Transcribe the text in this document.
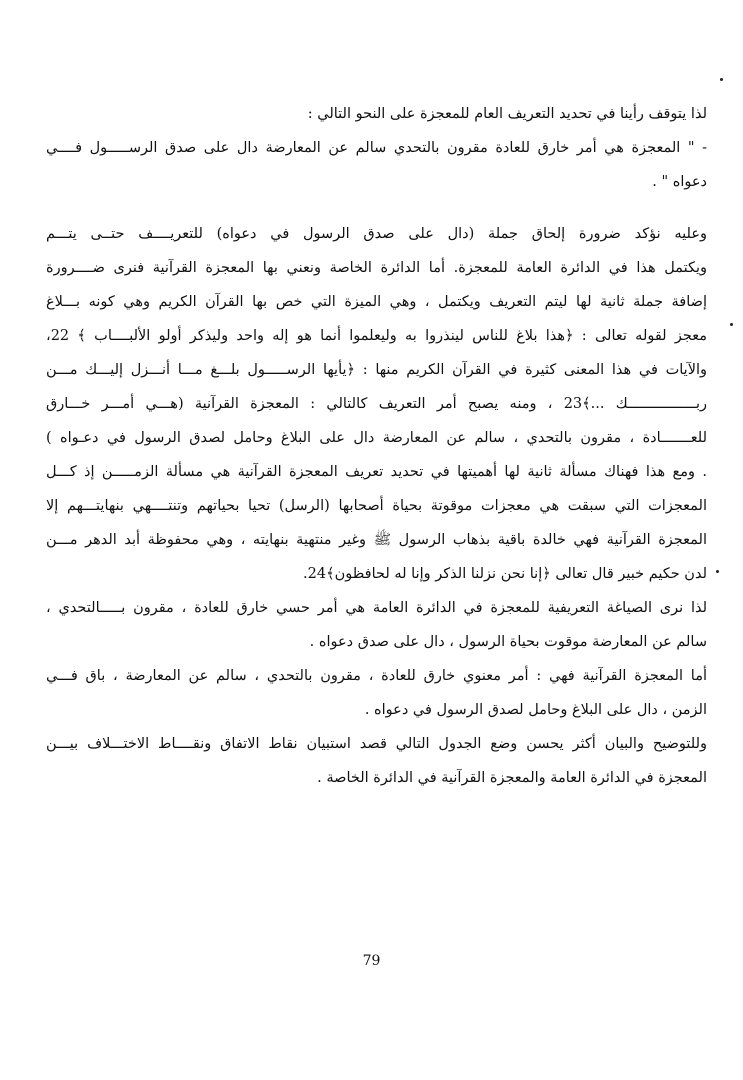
لذا يتوقف رأينا في تحديد التعريف العام للمعجزة على النحو التالي :
- " المعجزة هي أمر خارق للعادة مقرون بالتحدي سالم عن المعارضة دال على صدق الرســـــول فــــي
دعواه " .
وعليه نؤكد ضرورة إلحاق جملة (دال على صدق الرسول في دعواه) للتعريــــف حتــى يتـــم
ويكتمل هذا في الدائرة العامة للمعجزة. أما الدائرة الخاصة ونعني بها المعجزة القرآنية فنرى ضــــرورة
إضافة جملة ثانية لها ليتم التعريف ويكتمل ، وهي الميزة التي خص بها القرآن الكريم وهي كونه بـــلاغ
معجز لقوله تعالى : ﴿هذا بلاغ للناس لينذروا به وليعلموا أنما هو إله واحد وليذكر أولو الألبــــاب ﴾ 22،
والآيات في هذا المعنى كثيرة في القرآن الكريم منها : ﴿يأيها الرســـــول بلـــغ مـــا أنـــزل إليـــك مـــن
ربــــــــــــــــك ...﴾23 ، ومنه يصبح أمر التعريف كالتالي : المعجزة القرآنية (هـــي أمـــر خـــارق
للعـــــــادة ، مقرون بالتحدي ، سالم عن المعارضة دال على البلاغ وحامل لصدق الرسول في دعـواه )
. ومع هذا فهناك مسألة ثانية لها أهميتها في تحديد تعريف المعجزة القرآنية هي مسألة الزمـــــن إذ كـــل
المعجزات التي سبقت هي معجزات موقوتة بحياة أصحابها (الرسل) تحيا بحياتهم وتنتــــهي بنهايتـــهم إلا
المعجزة القرآنية فهي خالدة باقية بذهاب الرسول ﷺ وغير منتهية بنهايته ، وهي محفوظة أبد الدهر مـــن
لدن حكيم خبير قال تعالى ﴿إنا نحن نزلنا الذكر وإنا له لحافظون﴾24.
لذا نرى الصياغة التعريفية للمعجزة في الدائرة العامة هي أمر حسي خارق للعادة ، مقرون بـــــالتحدي ،
سالم عن المعارضة موقوت بحياة الرسول ، دال على صدق دعواه .
أما المعجزة القرآنية فهي : أمر معنوي خارق للعادة ، مقرون بالتحدي ، سالم عن المعارضة ، باق فـــي
الزمن ، دال على البلاغ وحامل لصدق الرسول في دعواه .
وللتوضيح والبيان أكثر يحسن وضع الجدول التالي قصد استبيان نقاط الاتفاق ونقــــاط الاختـــلاف بيـــن
المعجزة في الدائرة العامة والمعجزة القرآنية في الدائرة الخاصة .
79
